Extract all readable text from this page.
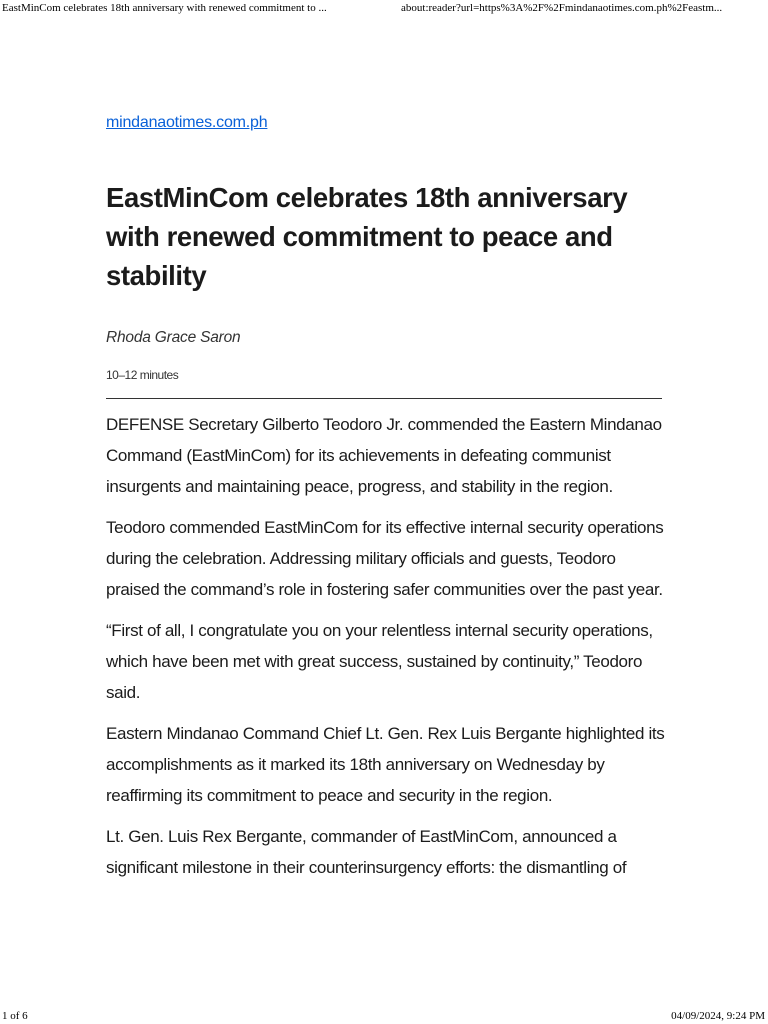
EastMinCom celebrates 18th anniversary with renewed commitment to ...	about:reader?url=https%3A%2F%2Fmindanaotimes.com.ph%2Feastm...
mindanaotimes.com.ph
EastMinCom celebrates 18th anniversary with renewed commitment to peace and stability
Rhoda Grace Saron
10–12 minutes

DEFENSE Secretary Gilberto Teodoro Jr. commended the Eastern Mindanao Command (EastMinCom) for its achievements in defeating communist insurgents and maintaining peace, progress, and stability in the region.

Teodoro commended EastMinCom for its effective internal security operations during the celebration. Addressing military officials and guests, Teodoro praised the command’s role in fostering safer communities over the past year.

“First of all, I congratulate you on your relentless internal security operations, which have been met with great success, sustained by continuity,” Teodoro said.

Eastern Mindanao Command Chief Lt. Gen. Rex Luis Bergante highlighted its accomplishments as it marked its 18th anniversary on Wednesday by reaffirming its commitment to peace and security in the region.

Lt. Gen. Luis Rex Bergante, commander of EastMinCom, announced a significant milestone in their counterinsurgency efforts: the dismantling of

1 of 6	04/09/2024, 9:24 PM
